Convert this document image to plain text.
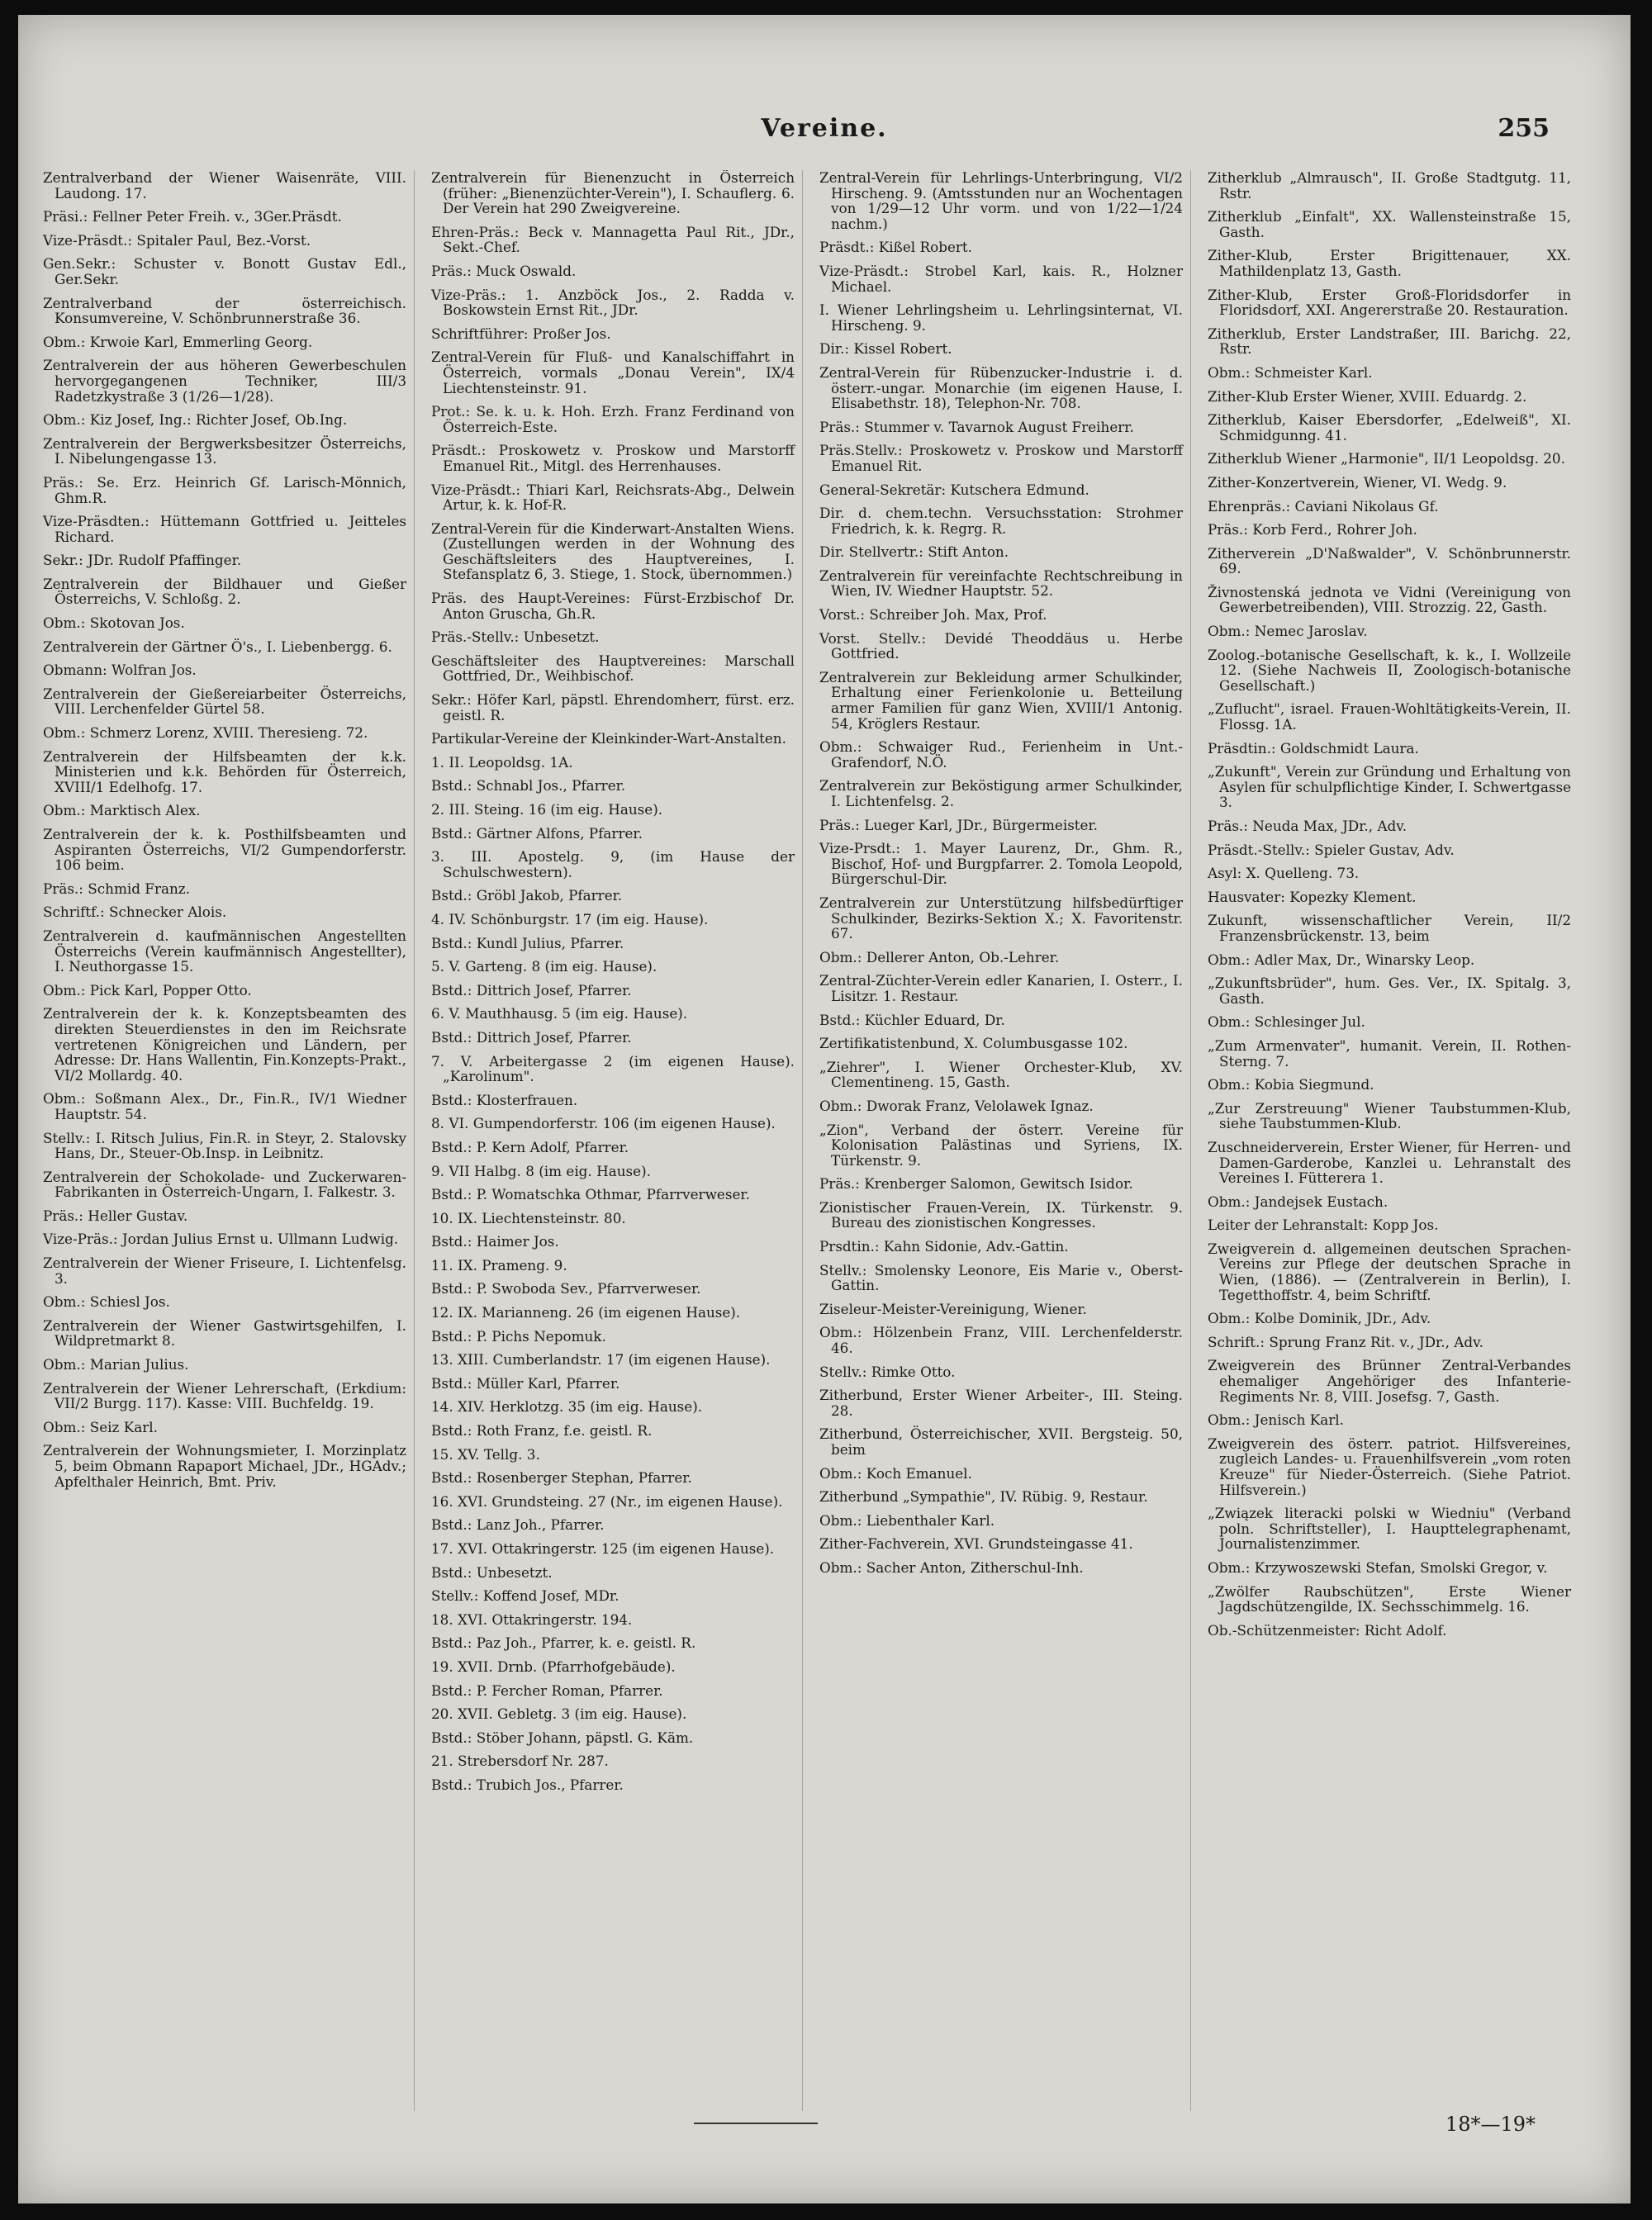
Vereine.	255
Zentralverband der Wiener Waisenräte, VIII. Laudong. 17.
Präsi.: Fellner Peter Freih. v., 3Ger.Präsdt.
Vize-Präsdt.: Spitaler Paul, Bez.-Vorst.
Gen.Sekr.: Schuster v. Bonott Gustav Edl., Ger.Sekr.
Zentralverband der österreichisch. Konsumvereine, V. Schönbrunnerstraße 36.
Obm.: Krwoie Karl, Emmerling Georg.
Zentralverein der aus höheren Gewerbeschulen hervorgegangenen Techniker, III/3 Radetzkystraße 3 (1/26—1/28).
Obm.: Kiz Josef, Ing.: Richter Josef, Ob.Ing.
Zentralverein der Bergwerksbesitzer Österreichs, I. Nibelungengasse 13.
Präs.: Se. Erz. Heinrich Gf. Larisch-Mönnich, Ghm.R.
Vize-Präsdten.: Hüttemann Gottfried u. Jeitteles Richard.
Sekr.: JDr. Rudolf Pfaffinger.
Zentralverein der Bildhauer und Gießer Österreichs, V. Schloßg. 2.
Obm.: Skotovan Jos.
Zentralverein der Gärtner Ö's., I. Liebenbergg. 6.
Obmann: Wolfran Jos.
Zentralverein der Gießereiarbeiter Österreichs, VIII. Lerchenfelder Gürtel 58.
Obm.: Schmerz Lorenz, XVIII. Theresieng. 72.
Zentralverein der Hilfsbeamten der k.k. Ministerien und k.k. Behörden für Österreich, XVIII/1 Edelhofg. 17.
Obm.: Marktisch Alex.
Zentralverein der k. k. Posthilfsbeamten und Aspiranten Österreichs, VI/2 Gumpendorferstr. 106 beim.
Präs.: Schmid Franz.
Schriftf.: Schnecker Alois.
Zentralverein d. kaufmännischen Angestellten Österreichs (Verein kaufmännisch Angestellter), I. Neuthorgasse 15.
Obm.: Pick Karl, Popper Otto.
Zentralverein der k. k. Konzeptsbeamten des direkten Steuerdienstes in den im Reichsrate vertretenen Königreichen und Ländern, per Adresse: Dr. Hans Wallentin, Fin.Konzepts-Prakt., VI/2 Mollardg. 40.
Obm.: Soßmann Alex., Dr., Fin.R., IV/1 Wiedner Hauptstr. 54.
Stellv.: I. Ritsch Julius, Fin.R. in Steyr, 2. Stalovsky Hans, Dr., Steuer-Ob.Insp. in Leibnitz.
Zentralverein der Schokolade- und Zuckerwaren-Fabrikanten in Österreich-Ungarn, I. Falkestr. 3.
Präs.: Heller Gustav.
Vize-Präs.: Jordan Julius Ernst u. Ullmann Ludwig.
Zentralverein der Wiener Friseure, I. Lichtenfelsg. 3.
Obm.: Schiesl Jos.
Zentralverein der Wiener Gastwirtsgehilfen, I. Wildpretmarkt 8.
Obm.: Marian Julius.
Zentralverein der Wiener Lehrerschaft, (Erkdium: VII/2 Burgg. 117). Kasse: VIII. Buchfeldg. 19.
Obm.: Seiz Karl.
Zentralverein der Wohnungsmieter, I. Morzinplatz 5, beim Obmann Rapaport Michael, JDr., HGAdv.; Apfelthaler Heinrich, Bmt. Priv.
Zentralverein für Bienenzucht in Österreich (früher: „Bienenzüchter-Verein"), I. Schauflerg. 6. Der Verein hat 290 Zweigvereine.
Ehren-Präs.: Beck v. Mannagetta Paul Rit., JDr., Sekt.-Chef.
Präs.: Muck Oswald.
Vize-Präs.: 1. Anzböck Jos., 2. Radda v. Boskowstein Ernst Rit., JDr.
Schriftführer: Proßer Jos.
Zentral-Verein für Fluß- und Kanalschiffahrt in Österreich, vormals „Donau Verein", IX/4 Liechtensteinstr. 91.
Prot.: Se. k. u. k. Hoh. Erzh. Franz Ferdinand von Österreich-Este.
Präsdt.: Proskowetz v. Proskow und Marstorff Emanuel Rit., Mitgl. des Herrenhauses.
Vize-Präsdt.: Thiari Karl, Reichsrats-Abg., Delwein Artur, k. k. Hof-R.
Zentral-Verein für die Kinderwart-Anstalten Wiens. (Zustellungen werden in der Wohnung des Geschäftsleiters des Hauptvereines, I. Stefansplatz 6, 3. Stiege, 1. Stock, übernommen.)
Präs. des Haupt-Vereines: Fürst-Erzbischof Dr. Anton Gruscha, Gh.R.
Präs.-Stellv.: Unbesetzt.
Geschäftsleiter des Hauptvereines: Marschall Gottfried, Dr., Weihbischof.
Sekr.: Höfer Karl, päpstl. Ehrendomherr, fürst. erz. geistl. R.
Partikular-Vereine der Kleinkinder-Wart-Anstalten.
1. II. Leopoldsg. 1A.
Bstd.: Schnabl Jos., Pfarrer.
2. III. Steing. 16 (im eig. Hause).
Bstd.: Gärtner Alfons, Pfarrer.
3. III. Apostelg. 9, (im Hause der Schulschwestern).
Bstd.: Gröbl Jakob, Pfarrer.
4. IV. Schönburgstr. 17 (im eig. Hause).
Bstd.: Kundl Julius, Pfarrer.
5. V. Garteng. 8 (im eig. Hause).
Bstd.: Dittrich Josef, Pfarrer.
6. V. Mauthhausg. 5 (im eig. Hause).
Bstd.: Dittrich Josef, Pfarrer.
7. V. Arbeitergasse 2 (im eigenen Hause). „Karolinum".
Bstd.: Klosterfrauen.
8. VI. Gumpendorferstr. 106 (im eigenen Hause).
Bstd.: P. Kern Adolf, Pfarrer.
9. VII Halbg. 8 (im eig. Hause).
Bstd.: P. Womatschka Othmar, Pfarrverweser.
10. IX. Liechtensteinstr. 80.
Bstd.: Haimer Jos.
11. IX. Prameng. 9.
Bstd.: P. Swoboda Sev., Pfarrverweser.
12. IX. Marianneng. 26 (im eigenen Hause).
Bstd.: P. Pichs Nepomuk.
13. XIII. Cumberlandstr. 17 (im eigenen Hause).
Bstd.: Müller Karl, Pfarrer.
14. XIV. Herklotzg. 35 (im eig. Hause).
Bstd.: Roth Franz, f.e. geistl. R.
15. XV. Tellg. 3.
Bstd.: Rosenberger Stephan, Pfarrer.
16. XVI. Grundsteing. 27 (Nr., im eigenen Hause).
Bstd.: Lanz Joh., Pfarrer.
17. XVI. Ottakringerstr. 125 (im eigenen Hause).
Bstd.: Unbesetzt.
Stellv.: Koffend Josef, MDr.
18. XVI. Ottakringerstr. 194.
Bstd.: Paz Joh., Pfarrer, k. e. geistl. R.
19. XVII. Drnb. (Pfarrhofgebäude).
Bstd.: P. Fercher Roman, Pfarrer.
20. XVII. Gebletg. 3 (im eig. Hause).
Bstd.: Stöber Johann, päpstl. G. Käm.
21. Strebersdorf Nr. 287.
Bstd.: Trubich Jos., Pfarrer.
Zentral-Verein für Lehrlings-Unterbringung, VI/2 Hirscheng. 9. (Amtsstunden nur an Wochentagen von 1/29—12 Uhr vorm. und von 1/22—1/24 nachm.)
Präsdt.: Kißel Robert.
Vize-Präsdt.: Strobel Karl, kais. R., Holzner Michael.
I. Wiener Lehrlingsheim u. Lehrlingsinternat, VI. Hirscheng. 9.
Dir.: Kissel Robert.
Zentral-Verein für Rübenzucker-Industrie i. d. österr.-ungar. Monarchie (im eigenen Hause, I. Elisabethstr. 18), Telephon-Nr. 708.
Präs.: Stummer v. Tavarnok August Freiherr.
Präs.Stellv.: Proskowetz v. Proskow und Marstorff Emanuel Rit.
General-Sekretär: Kutschera Edmund.
Dir. d. chem.techn. Versuchsstation: Strohmer Friedrich, k. k. Regrg. R.
Dir. Stellvertr.: Stift Anton.
Zentralverein für vereinfachte Rechtschreibung in Wien, IV. Wiedner Hauptstr. 52.
Vorst.: Schreiber Joh. Max, Prof.
Vorst. Stellv.: Devidé Theoddäus u. Herbe Gottfried.
Zentralverein zur Bekleidung armer Schulkinder, Erhaltung einer Ferienkolonie u. Betteilung armer Familien für ganz Wien, XVIII/1 Antonig. 54, Kröglers Restaur.
Obm.: Schwaiger Rud., Ferienheim in Unt.-Grafendorf, N.Ö.
Zentralverein zur Beköstigung armer Schulkinder, I. Lichtenfelsg. 2.
Präs.: Lueger Karl, JDr., Bürgermeister.
Vize-Prsdt.: 1. Mayer Laurenz, Dr., Ghm. R., Bischof, Hof- und Burgpfarrer. 2. Tomola Leopold, Bürgerschul-Dir.
Zentralverein zur Unterstützung hilfsbedürftiger Schulkinder, Bezirks-Sektion X.; X. Favoritenstr. 67.
Obm.: Dellerer Anton, Ob.-Lehrer.
Zentral-Züchter-Verein edler Kanarien, I. Osterr., I. Lisitzr. 1. Restaur.
Bstd.: Küchler Eduard, Dr.
Zertifikatistenbund, X. Columbusgasse 102.
„Ziehrer", I. Wiener Orchester-Klub, XV. Clementineng. 15, Gasth.
Obm.: Dworak Franz, Velolawek Ignaz.
„Zion", Verband der österr. Vereine für Kolonisation Palästinas und Syriens, IX. Türkenstr. 9.
Präs.: Krenberger Salomon, Gewitsch Isidor.
Zionistischer Frauen-Verein, IX. Türkenstr. 9. Bureau des zionistischen Kongresses.
Prsdtin.: Kahn Sidonie, Adv.-Gattin.
Stellv.: Smolensky Leonore, Eis Marie v., Oberst-Gattin.
Ziseleur-Meister-Vereinigung, Wiener.
Obm.: Hölzenbein Franz, VIII. Lerchenfelderstr. 46.
Stellv.: Rimke Otto.
Zitherbund, Erster Wiener Arbeiter-, III. Steing. 28.
Zitherbund, Österreichischer, XVII. Bergsteig. 50, beim
Obm.: Koch Emanuel.
Zitherbund „Sympathie", IV. Rübig. 9, Restaur.
Obm.: Liebenthaler Karl.
Zither-Fachverein, XVI. Grundsteingasse 41.
Obm.: Sacher Anton, Zitherschul-Inh.
Zitherklub „Almrausch", II. Große Stadtgutg. 11, Rstr.
Zitherklub „Einfalt", XX. Wallensteinstraße 15, Gasth.
Zither-Klub, Erster Brigittenauer, XX. Mathildenplatz 13, Gasth.
Zither-Klub, Erster Groß-Floridsdorfer in Floridsdorf, XXI. Angererstraße 20. Restauration.
Zitherklub, Erster Landstraßer, III. Barichg. 22, Rstr.
Obm.: Schmeister Karl.
Zither-Klub Erster Wiener, XVIII. Eduardg. 2.
Zitherklub, Kaiser Ebersdorfer, „Edelweiß", XI. Schmidgunng. 41.
Zitherklub Wiener „Harmonie", II/1 Leopoldsg. 20.
Zither-Konzertverein, Wiener, VI. Wedg. 9.
Ehrenpräs.: Caviani Nikolaus Gf.
Präs.: Korb Ferd., Rohrer Joh.
Zitherverein „D'Naßwalder", V. Schönbrunnerstr. 69.
Živnostenská jednota ve Vidni (Vereinigung von Gewerbetreibenden), VIII. Strozzig. 22, Gasth.
Obm.: Nemec Jaroslav.
Zoolog.-botanische Gesellschaft, k. k., I. Wollzeile 12. (Siehe Nachweis II, Zoologisch-botanische Gesellschaft.)
„Zuflucht", israel. Frauen-Wohltätigkeits-Verein, II. Flossg. 1A.
Präsdtin.: Goldschmidt Laura.
„Zukunft", Verein zur Gründung und Erhaltung von Asylen für schulpflichtige Kinder, I. Schwertgasse 3.
Präs.: Neuda Max, JDr., Adv.
Präsdt.-Stellv.: Spieler Gustav, Adv.
Asyl: X. Quelleng. 73.
Hausvater: Kopezky Klement.
Zukunft, wissenschaftlicher Verein, II/2 Franzensbrückenstr. 13, beim
Obm.: Adler Max, Dr., Winarsky Leop.
„Zukunftsbrüder", hum. Ges. Ver., IX. Spitalg. 3, Gasth.
Obm.: Schlesinger Jul.
„Zum Armenvater", humanit. Verein, II. Rothen-Sterng. 7.
Obm.: Kobia Siegmund.
„Zur Zerstreuung" Wiener Taubstummen-Klub, siehe Taubstummen-Klub.
Zuschneiderverein, Erster Wiener, für Herren- und Damen-Garderobe, Kanzlei u. Lehranstalt des Vereines I. Fütterera 1.
Obm.: Jandejsek Eustach.
Leiter der Lehranstalt: Kopp Jos.
Zweigverein d. allgemeinen deutschen Sprachen-Vereins zur Pflege der deutschen Sprache in Wien, (1886). — (Zentralverein in Berlin), I. Tegetthoffstr. 4, beim Schriftf.
Obm.: Kolbe Dominik, JDr., Adv.
Schrift.: Sprung Franz Rit. v., JDr., Adv.
Zweigverein des Brünner Zentral-Verbandes ehemaliger Angehöriger des Infanterie-Regiments Nr. 8, VIII. Josefsg. 7, Gasth.
Obm.: Jenisch Karl.
Zweigverein des österr. patriot. Hilfsvereines, zugleich Landes- u. Frauenhilfsverein „vom roten Kreuze" für Nieder-Österreich. (Siehe Patriot. Hilfsverein.)
„Związek literacki polski w Wiedniu" (Verband poln. Schriftsteller), I. Haupttelegraphenamt, Journalistenzimmer.
Obm.: Krzywoszewski Stefan, Smolski Gregor, v.
„Zwölfer Raubschützen", Erste Wiener Jagdschützengilde, IX. Sechsschimmelg. 16.
Ob.-Schützenmeister: Richt Adolf.
18*—19*
